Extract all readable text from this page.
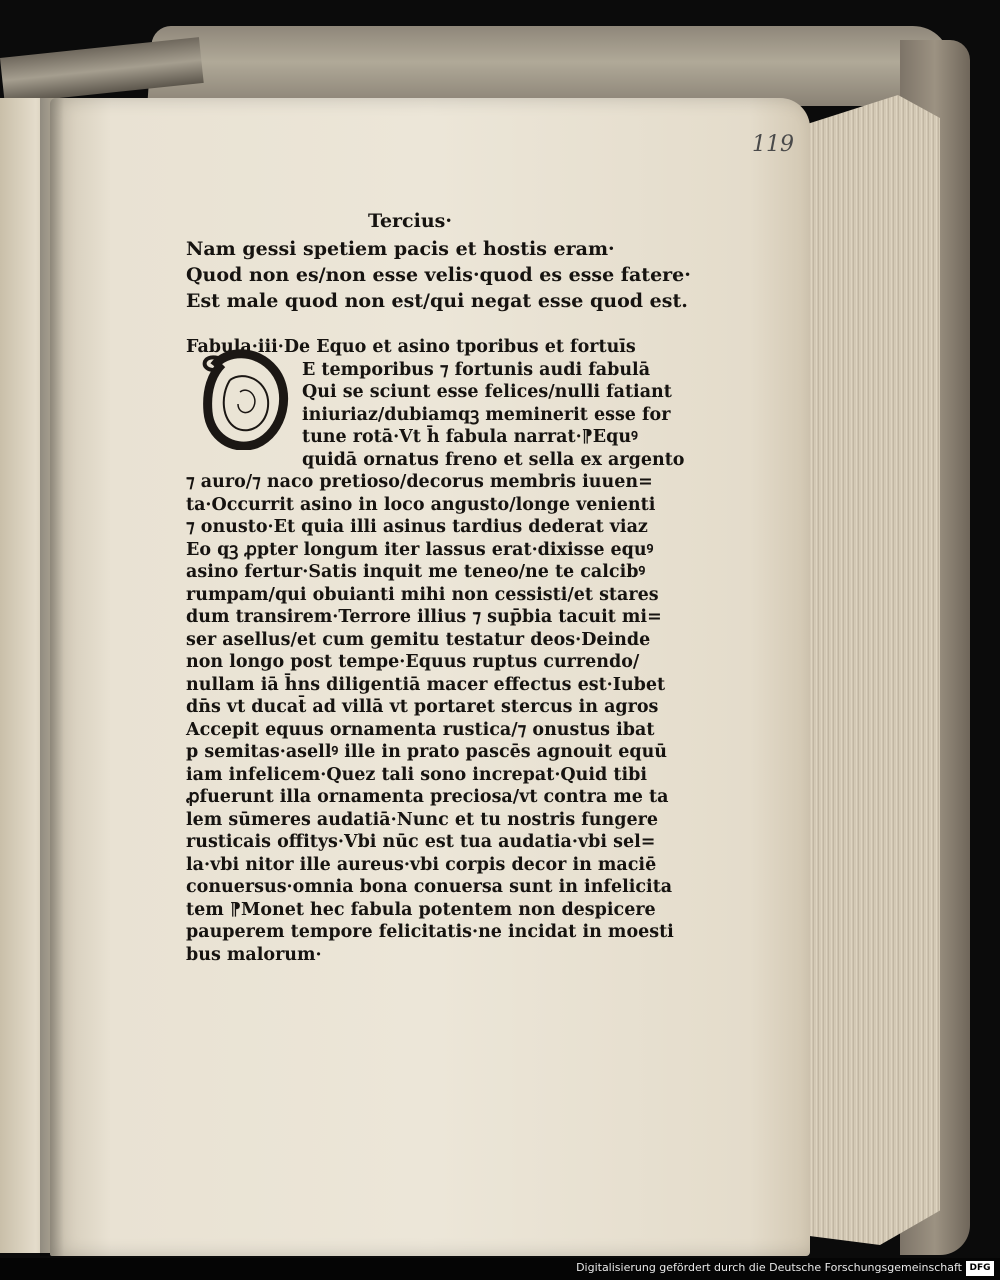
119
Tercius·
Nam gessi spetiem pacis et hostis eram·
Quod non es/non esse velis·quod es esse fatere·
Est male quod non est/qui negat esse quod est.
Fabula·iii·De Equo et asino tporibus et fortuīs
E temporibus ⁊ fortunis audi fabulā
Qui se sciunt esse felices/nulli fatiant
iniuriaz/dubiamqꝫ meminerit esse for
tune rotā·Vt h̄ fabula narrat·⁋Equꝰ
quidā ornatus freno et sella ex argento
⁊ auro/⁊ naco pretioso/decorus membris iuuen=
ta·Occurrit asino in loco angusto/longe venienti
⁊ onusto·Et quia illi asinus tardius dederat viaz
Eo qꝫ ꝓpter longum iter lassus erat·dixisse equꝰ
asino fertur·Satis inquit me teneo/ne te calcibꝰ
rumpam/qui obuianti mihi non cessisti/et stares
dum transirem·Terrore illius ⁊ sup̄bia tacuit mi=
ser asellus/et cum gemitu testatur deos·Deinde
non longo post tempe·Equus ruptus currendo/
nullam iā h̄ns diligentiā macer effectus est·Iubet
dn̄s vt ducat̄ ad villā vt portaret stercus in agros
Accepit equus ornamenta rustica/⁊ onustus ibat
p semitas·asellꝰ ille in prato pascēs agnouit equū
iam infelicem·Quez tali sono increpat·Quid tibi
ꝓfuerunt illa ornamenta preciosa/vt contra me ta
lem sūmeres audatiā·Nunc et tu nostris fungere
rusticais offitys·Vbi nūc est tua audatia·vbi sel=
la·vbi nitor ille aureus·vbi corpis decor in maciē
conuersus·omnia bona conuersa sunt in infelicita
tem ⁋Monet hec fabula potentem non despicere
pauperem tempore felicitatis·ne incidat in moesti
bus malorum·
Digitalisierung gefördert durch die Deutsche Forschungsgemeinschaft DFG
